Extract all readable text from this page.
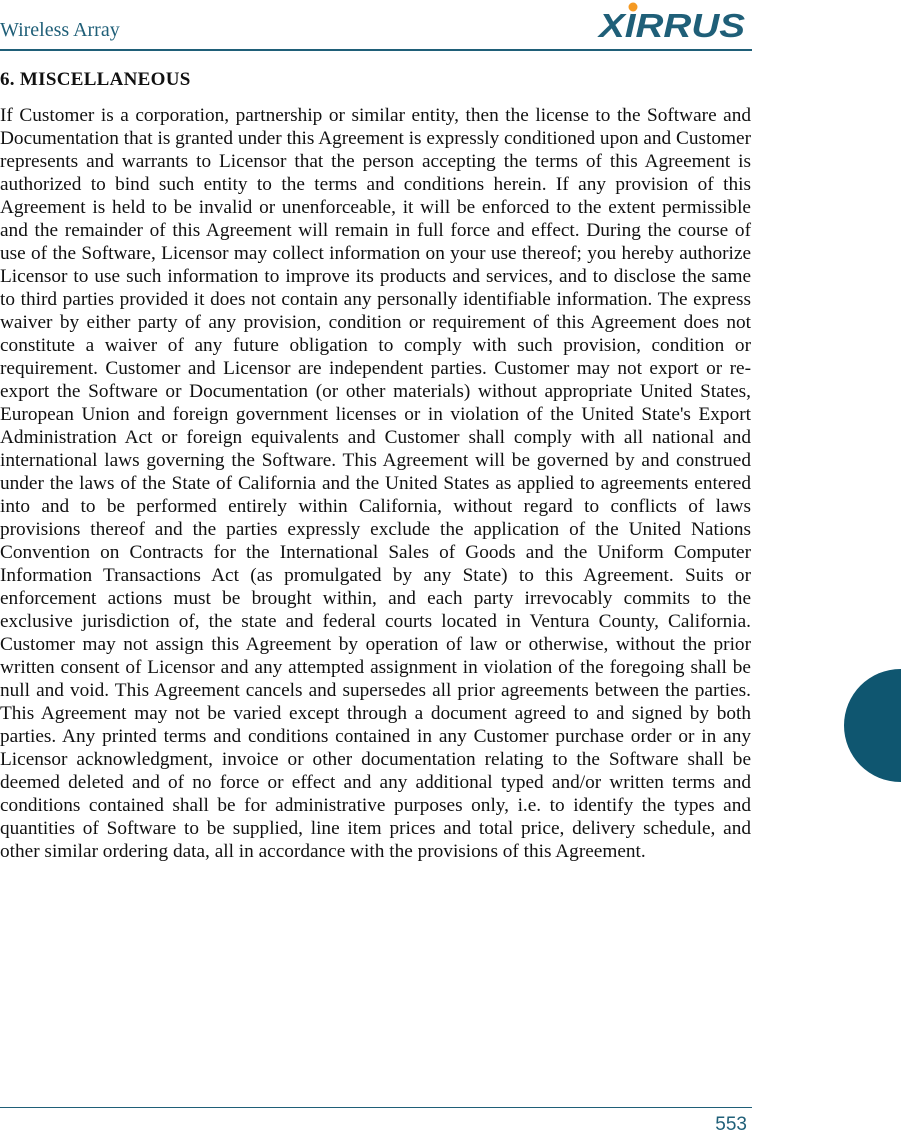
Wireless Array	XIRRUS
6. MISCELLANEOUS

If Customer is a corporation, partnership or similar entity, then the license to the Software and Documentation that is granted under this Agreement is expressly conditioned upon and Customer represents and warrants to Licensor that the person accepting the terms of this Agreement is authorized to bind such entity to the terms and conditions herein. If any provision of this Agreement is held to be invalid or unenforceable, it will be enforced to the extent permissible and the remainder of this Agreement will remain in full force and effect. During the course of use of the Software, Licensor may collect information on your use thereof; you hereby authorize Licensor to use such information to improve its products and services, and to disclose the same to third parties provided it does not contain any personally identifiable information. The express waiver by either party of any provision, condition or requirement of this Agreement does not constitute a waiver of any future obligation to comply with such provision, condition or requirement. Customer and Licensor are independent parties. Customer may not export or re-export the Software or Documentation (or other materials) without appropriate United States, European Union and foreign government licenses or in violation of the United State's Export Administration Act or foreign equivalents and Customer shall comply with all national and international laws governing the Software. This Agreement will be governed by and construed under the laws of the State of California and the United States as applied to agreements entered into and to be performed entirely within California, without regard to conflicts of laws provisions thereof and the parties expressly exclude the application of the United Nations Convention on Contracts for the International Sales of Goods and the Uniform Computer Information Transactions Act (as promulgated by any State) to this Agreement. Suits or enforcement actions must be brought within, and each party irrevocably commits to the exclusive jurisdiction of, the state and federal courts located in Ventura County, California. Customer may not assign this Agreement by operation of law or otherwise, without the prior written consent of Licensor and any attempted assignment in violation of the foregoing shall be null and void. This Agreement cancels and supersedes all prior agreements between the parties. This Agreement may not be varied except through a document agreed to and signed by both parties. Any printed terms and conditions contained in any Customer purchase order or in any Licensor acknowledgment, invoice or other documentation relating to the Software shall be deemed deleted and of no force or effect and any additional typed and/or written terms and conditions contained shall be for administrative purposes only, i.e. to identify the types and quantities of Software to be supplied, line item prices and total price, delivery schedule, and other similar ordering data, all in accordance with the provisions of this Agreement.

553
